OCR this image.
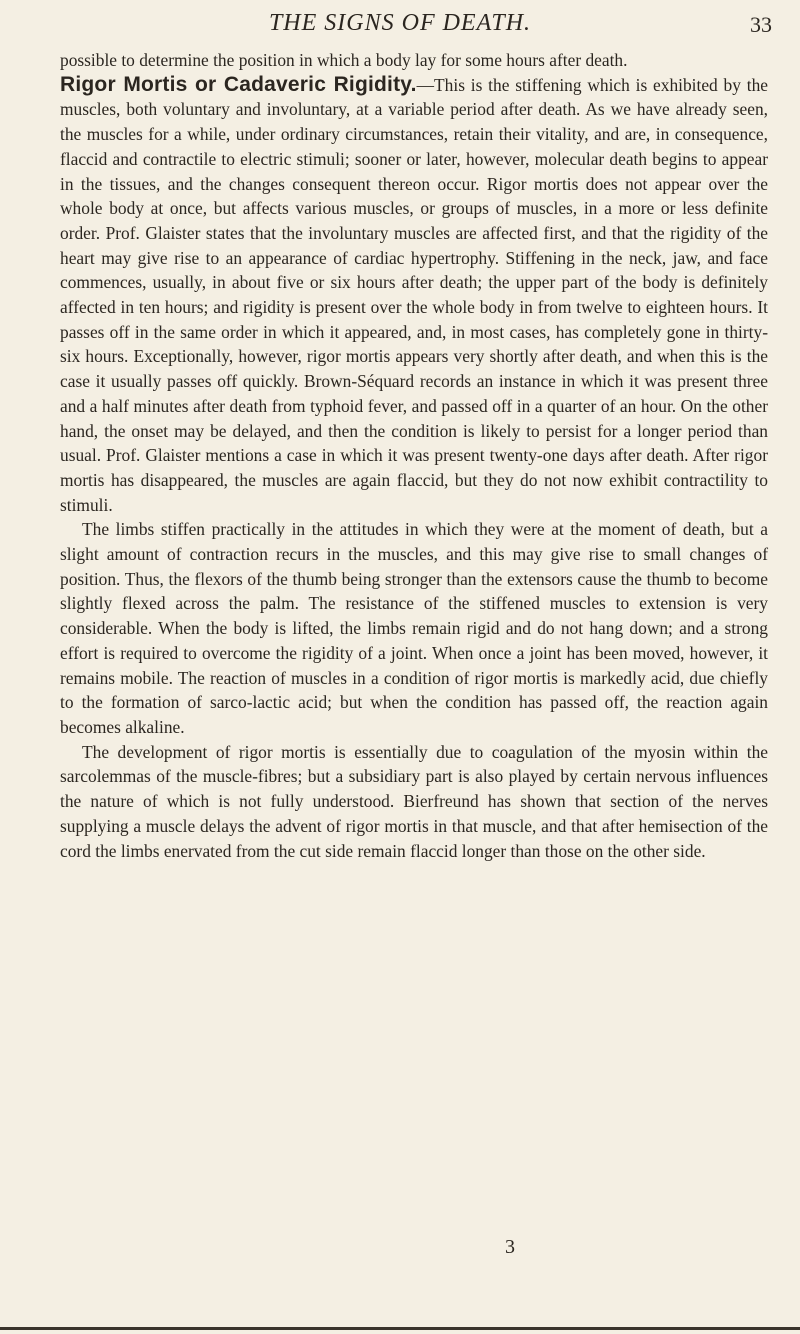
THE SIGNS OF DEATH.	33

possible to determine the position in which a body lay for some hours after death.

Rigor Mortis or Cadaveric Rigidity.—This is the stiffening which is exhibited by the muscles, both voluntary and involuntary, at a variable period after death. As we have already seen, the muscles for a while, under ordinary circumstances, retain their vitality, and are, in consequence, flaccid and contractile to electric stimuli; sooner or later, however, molecular death begins to appear in the tissues, and the changes consequent thereon occur. Rigor mortis does not appear over the whole body at once, but affects various muscles, or groups of muscles, in a more or less definite order. Prof. Glaister states that the involuntary muscles are affected first, and that the rigidity of the heart may give rise to an appearance of cardiac hypertrophy. Stiffening in the neck, jaw, and face commences, usually, in about five or six hours after death; the upper part of the body is definitely affected in ten hours; and rigidity is present over the whole body in from twelve to eighteen hours. It passes off in the same order in which it appeared, and, in most cases, has completely gone in thirty-six hours. Exceptionally, however, rigor mortis appears very shortly after death, and when this is the case it usually passes off quickly. Brown-Séquard records an instance in which it was present three and a half minutes after death from typhoid fever, and passed off in a quarter of an hour. On the other hand, the onset may be delayed, and then the condition is likely to persist for a longer period than usual. Prof. Glaister mentions a case in which it was present twenty-one days after death. After rigor mortis has disappeared, the muscles are again flaccid, but they do not now exhibit contractility to stimuli.

The limbs stiffen practically in the attitudes in which they were at the moment of death, but a slight amount of contraction recurs in the muscles, and this may give rise to small changes of position. Thus, the flexors of the thumb being stronger than the extensors cause the thumb to become slightly flexed across the palm. The resistance of the stiffened muscles to extension is very considerable. When the body is lifted, the limbs remain rigid and do not hang down; and a strong effort is required to overcome the rigidity of a joint. When once a joint has been moved, however, it remains mobile. The reaction of muscles in a condition of rigor mortis is markedly acid, due chiefly to the formation of sarco-lactic acid; but when the condition has passed off, the reaction again becomes alkaline.

The development of rigor mortis is essentially due to coagulation of the myosin within the sarcolemmas of the muscle-fibres; but a subsidiary part is also played by certain nervous influences the nature of which is not fully understood. Bierfreund has shown that section of the nerves supplying a muscle delays the advent of rigor mortis in that muscle, and that after hemisection of the cord the limbs enervated from the cut side remain flaccid longer than those on the other side.

3
